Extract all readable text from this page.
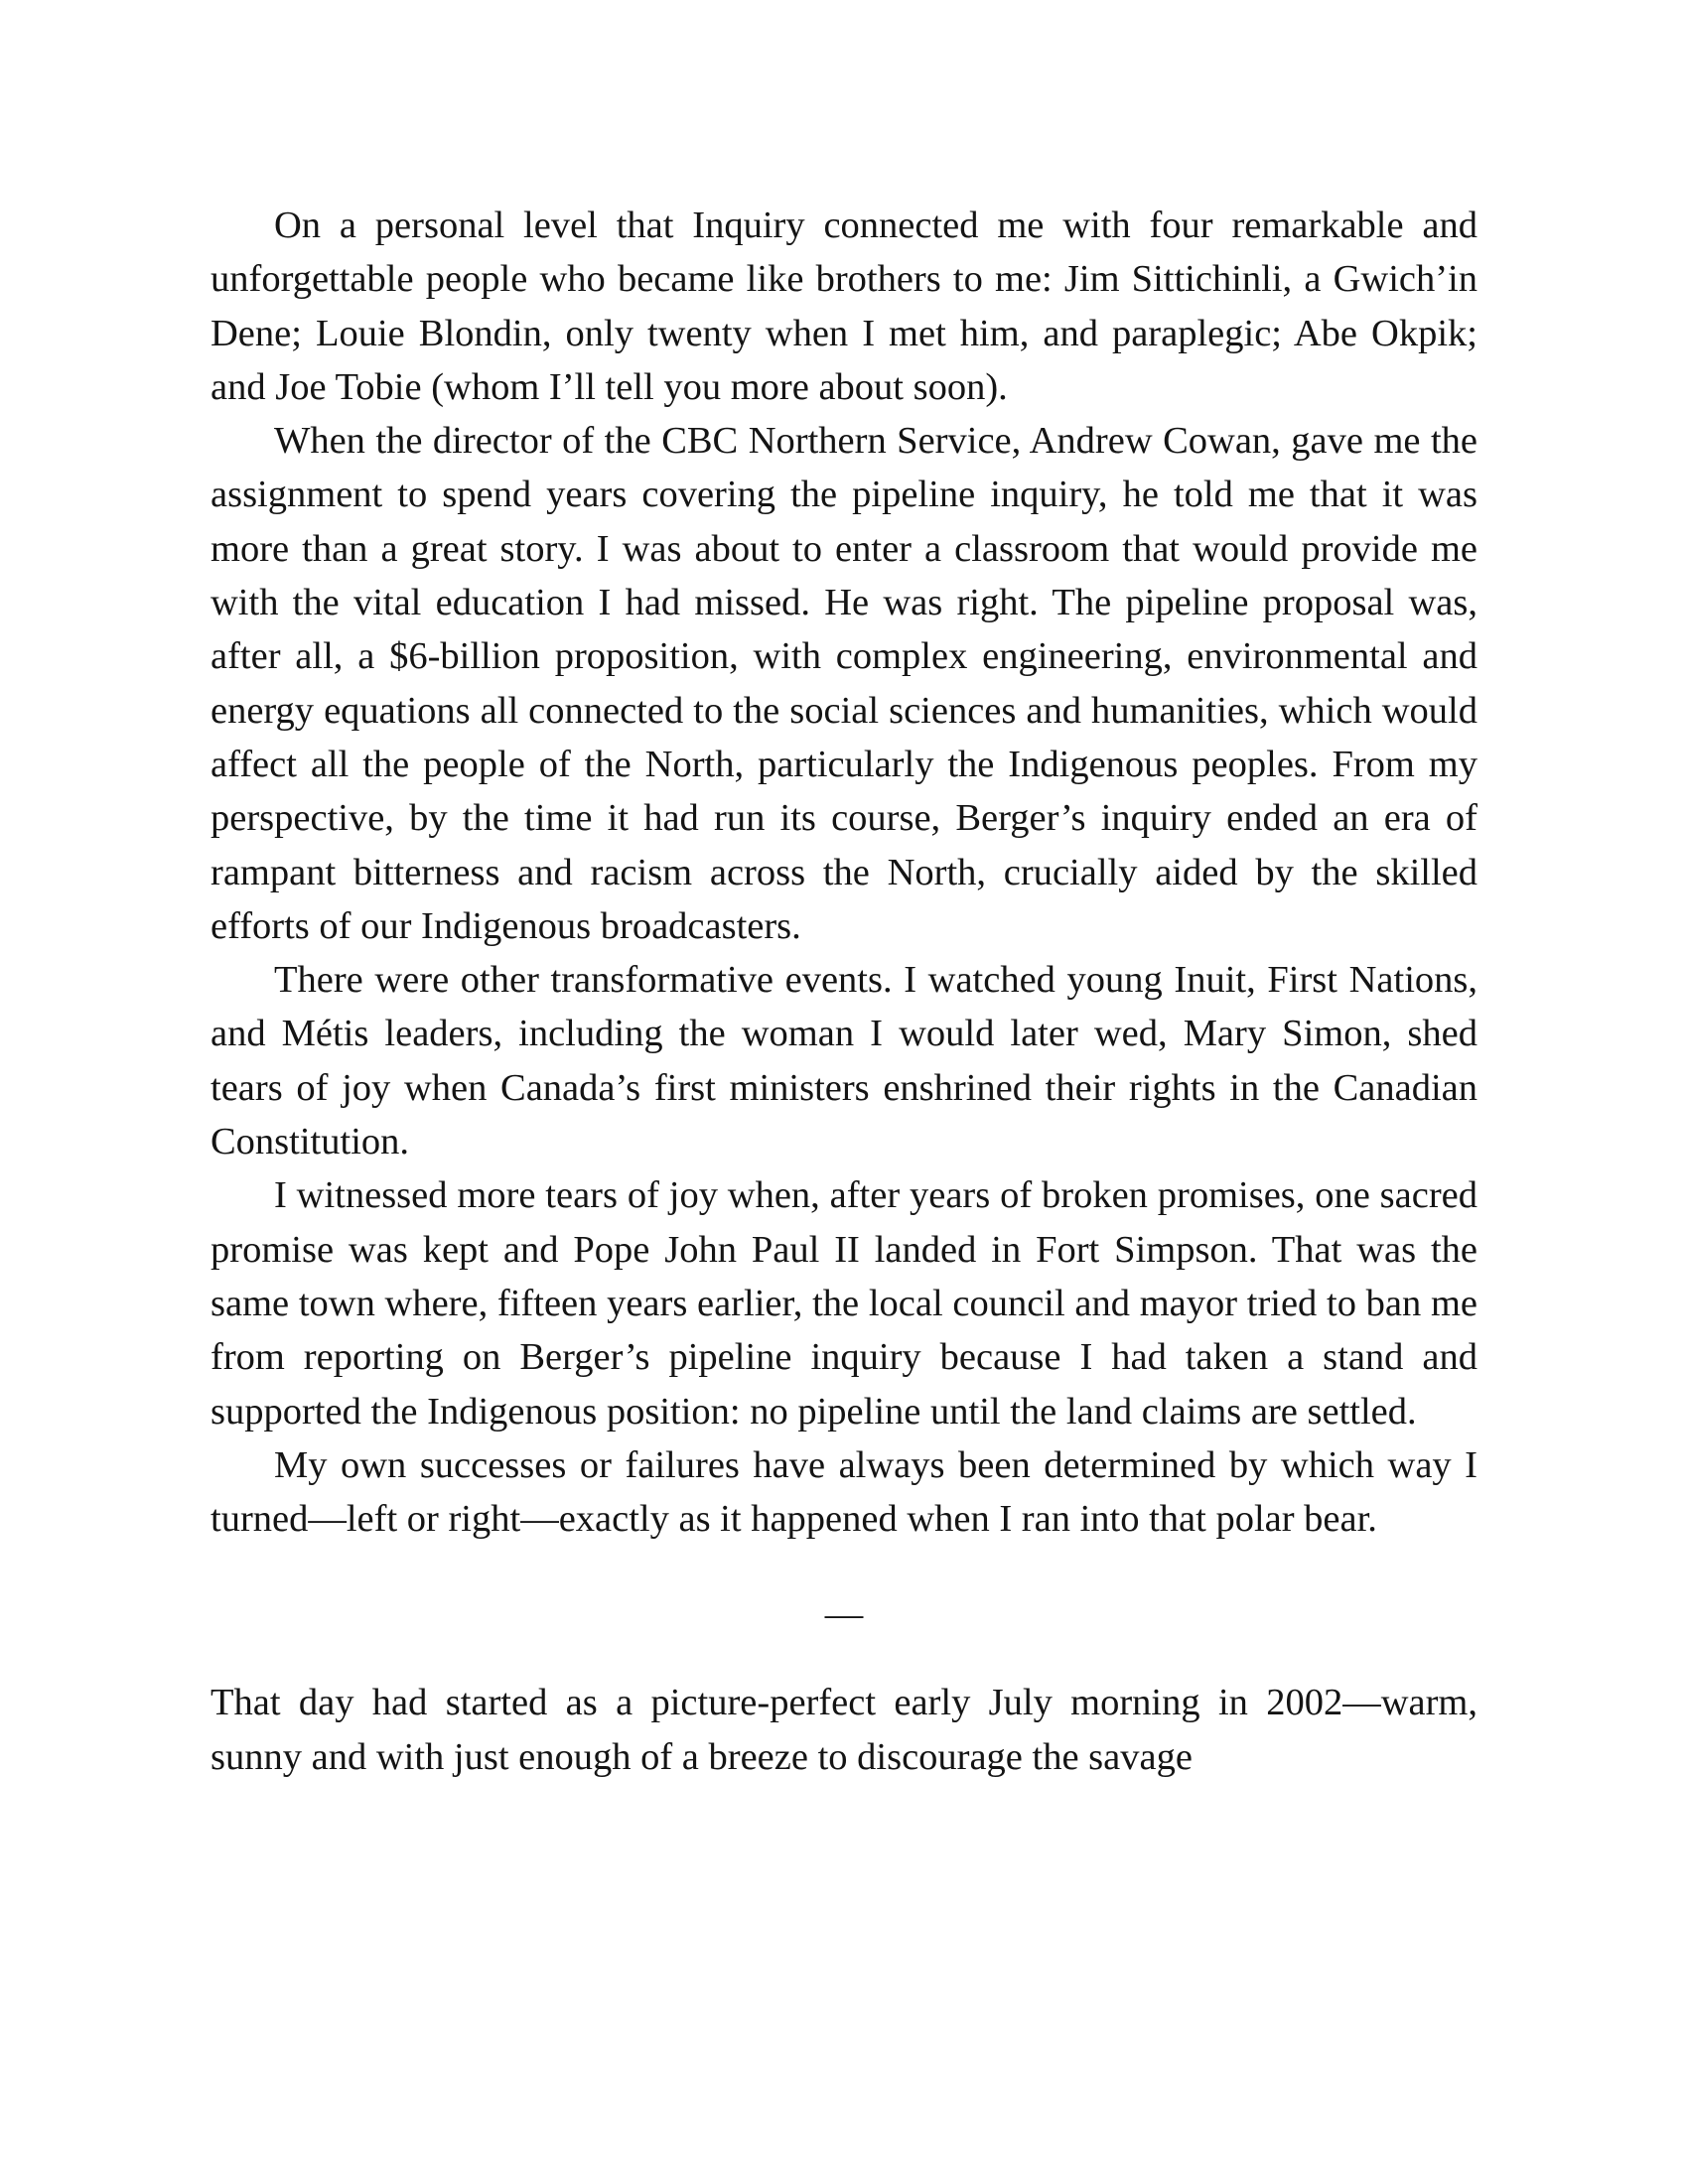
On a personal level that Inquiry connected me with four remarkable and unforgettable people who became like brothers to me: Jim Sittichinli, a Gwich’in Dene; Louie Blondin, only twenty when I met him, and paraplegic; Abe Okpik; and Joe Tobie (whom I’ll tell you more about soon).

When the director of the CBC Northern Service, Andrew Cowan, gave me the assignment to spend years covering the pipeline inquiry, he told me that it was more than a great story. I was about to enter a classroom that would provide me with the vital education I had missed. He was right. The pipeline proposal was, after all, a $6-billion proposition, with complex engineering, environmental and energy equations all connected to the social sciences and humanities, which would affect all the people of the North, particularly the Indigenous peoples. From my perspective, by the time it had run its course, Berger’s inquiry ended an era of rampant bitterness and racism across the North, crucially aided by the skilled efforts of our Indigenous broadcasters.

There were other transformative events. I watched young Inuit, First Nations, and Métis leaders, including the woman I would later wed, Mary Simon, shed tears of joy when Canada’s first ministers enshrined their rights in the Canadian Constitution.

I witnessed more tears of joy when, after years of broken promises, one sacred promise was kept and Pope John Paul II landed in Fort Simpson. That was the same town where, fifteen years earlier, the local council and mayor tried to ban me from reporting on Berger’s pipeline inquiry because I had taken a stand and supported the Indigenous position: no pipeline until the land claims are settled.

My own successes or failures have always been determined by which way I turned—left or right—exactly as it happened when I ran into that polar bear.

—

That day had started as a picture-perfect early July morning in 2002—warm, sunny and with just enough of a breeze to discourage the savage
